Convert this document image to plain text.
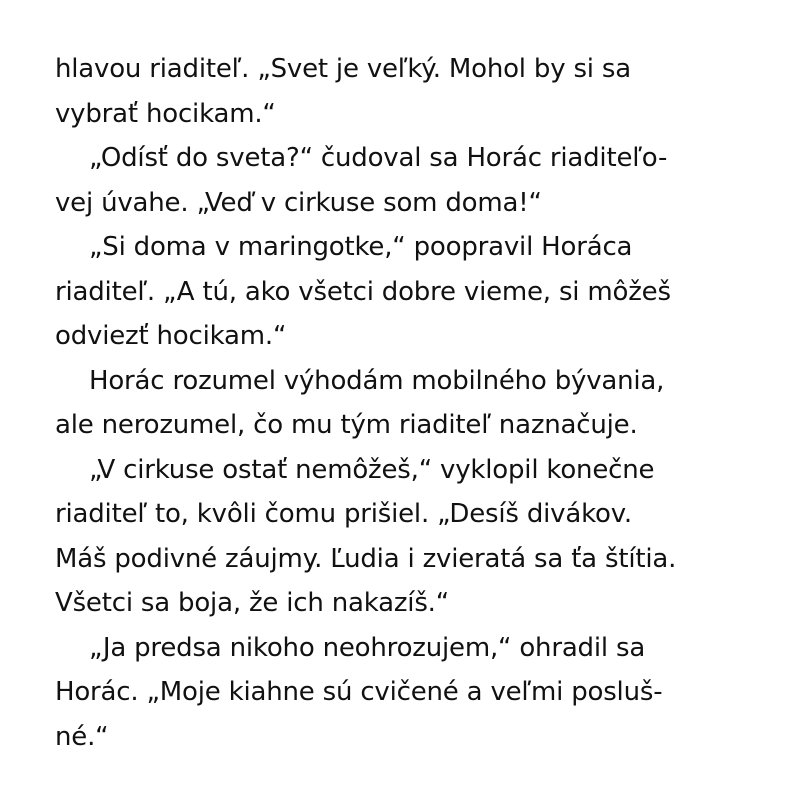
hlavou riaditeľ. „Svet je veľký. Mohol by si sa
vybrať hocikam.“
„Odísť do sveta?“ čudoval sa Horác riaditeľo-
vej úvahe. „Veď v cirkuse som doma!“
„Si doma v maringotke,“ poopravil Horáca
riaditeľ. „A tú, ako všetci dobre vieme, si môžeš
odviezť hocikam.“
Horác rozumel výhodám mobilného bývania,
ale nerozumel, čo mu tým riaditeľ naznačuje.
„V cirkuse ostať nemôžeš,“ vyklopil konečne
riaditeľ to, kvôli čomu prišiel. „Desíš divákov.
Máš podivné záujmy. Ľudia i zvieratá sa ťa štítia.
Všetci sa boja, že ich nakazíš.“
„Ja predsa nikoho neohrozujem,“ ohradil sa
Horác. „Moje kiahne sú cvičené a veľmi posluš-
né.“
